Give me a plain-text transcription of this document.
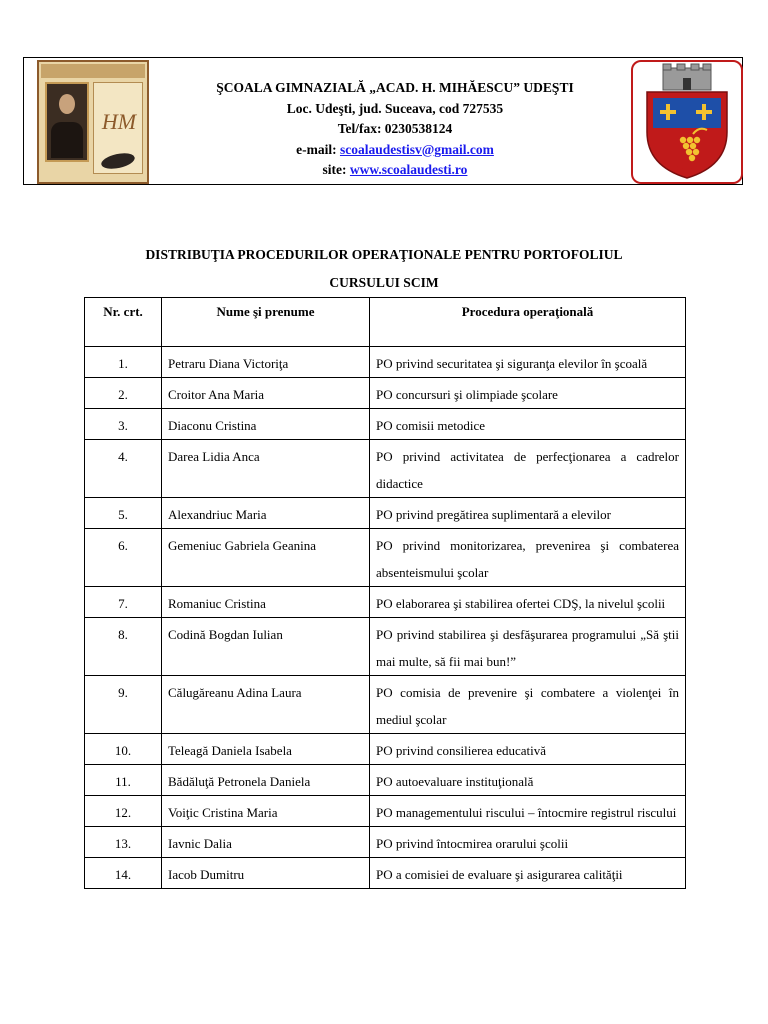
HM
ŞCOALA GIMNAZIALĂ „ACAD. H. MIHĂESCU” UDEŞTI
Loc. Udeşti, jud. Suceava, cod 727535
Tel/fax: 0230538124
e-mail: scoalaudestisv@gmail.com
site: www.scoalaudesti.ro
DISTRIBUŢIA PROCEDURILOR OPERAŢIONALE PENTRU PORTOFOLIUL
CURSULUI SCIM
Nr. crt.	Nume şi prenume	Procedura operaţională
1.	Petraru Diana Victoriţa	PO privind securitatea şi siguranţa elevilor în şcoală
2.	Croitor Ana Maria	PO concursuri şi olimpiade şcolare
3.	Diaconu Cristina	PO comisii metodice
4.	Darea Lidia Anca	PO privind activitatea de perfecţionarea a cadrelor didactice
5.	Alexandriuc Maria	PO privind pregătirea suplimentară a elevilor
6.	Gemeniuc Gabriela Geanina	PO privind monitorizarea, prevenirea şi combaterea absenteismului şcolar
7.	Romaniuc Cristina	PO elaborarea şi stabilirea ofertei CDŞ, la nivelul şcolii
8.	Codină Bogdan Iulian	PO privind stabilirea şi desfăşurarea programului „Să ştii mai multe, să fii mai bun!”
9.	Călugăreanu Adina Laura	PO comisia de prevenire şi combatere a violenţei în mediul şcolar
10.	Teleagă Daniela Isabela	PO privind consilierea educativă
11.	Bădăluţă Petronela Daniela	PO autoevaluare instituţională
12.	Voiţic Cristina Maria	PO managementului riscului – întocmire registrul riscului
13.	Iavnic Dalia	PO privind întocmirea orarului şcolii
14.	Iacob Dumitru	PO a comisiei de evaluare şi asigurarea calităţii
